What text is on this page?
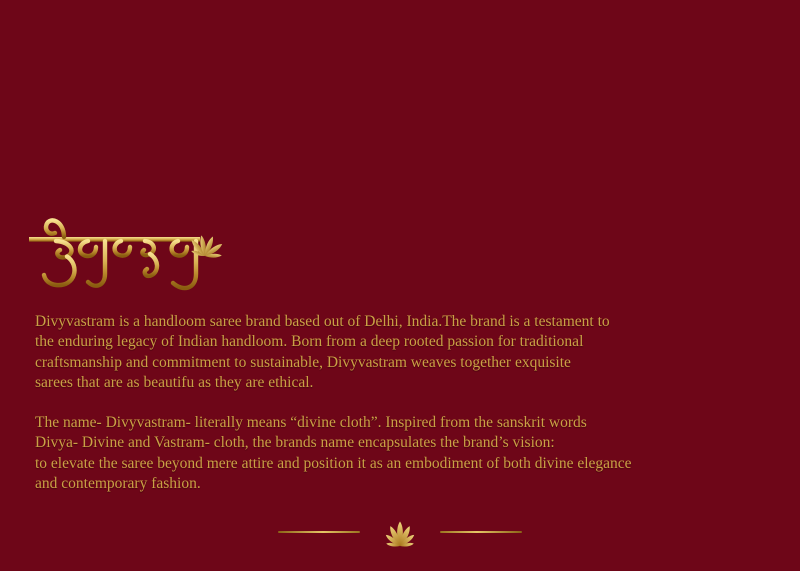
Divyvastram is a handloom saree brand based out of Delhi, India.The brand is a testament to
the enduring legacy of Indian handloom. Born from a deep rooted passion for traditional
craftsmanship and commitment to sustainable, Divyvastram weaves together exquisite
sarees that are as beautifu as they are ethical.
The name- Divyvastram- literally means “divine cloth”. Inspired from the sanskrit words
Divya- Divine and Vastram- cloth, the brands name encapsulates the brand’s vision:
to elevate the saree beyond mere attire and position it as an embodiment of both divine elegance
and contemporary fashion.
